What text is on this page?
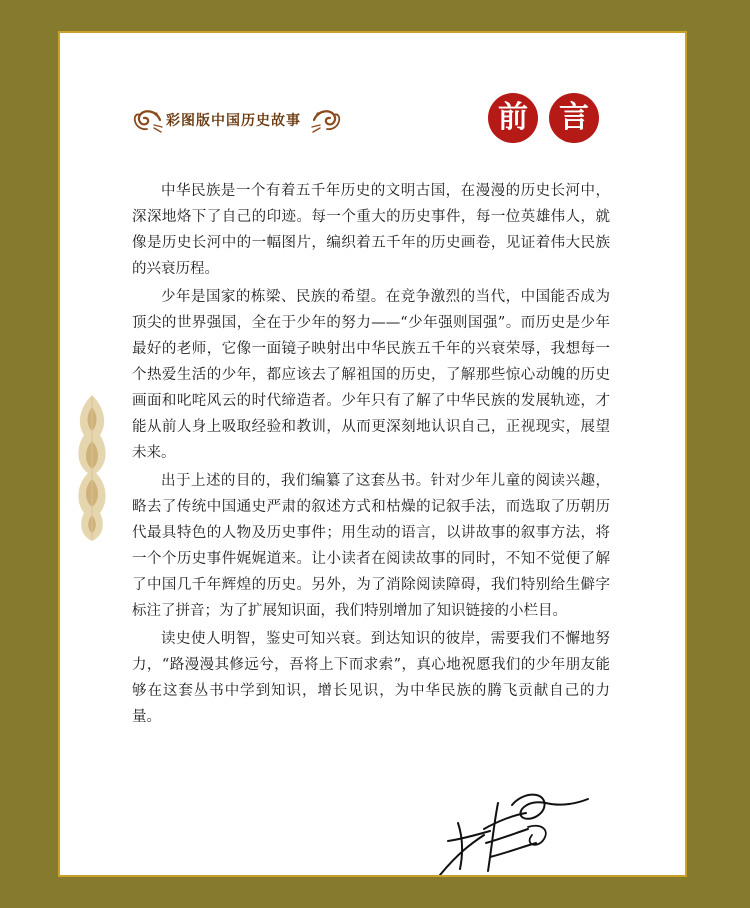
彩图版中国历史故事	前	言

中华民族是一个有着五千年历史的文明古国，在漫漫的历史长河中，深深地烙下了自己的印迹。每一个重大的历史事件，每一位英雄伟人，就像是历史长河中的一幅图片，编织着五千年的历史画卷，见证着伟大民族的兴衰历程。

少年是国家的栋梁、民族的希望。在竞争激烈的当代，中国能否成为顶尖的世界强国，全在于少年的努力——“少年强则国强”。而历史是少年最好的老师，它像一面镜子映射出中华民族五千年的兴衰荣辱，我想每一个热爱生活的少年，都应该去了解祖国的历史，了解那些惊心动魄的历史画面和叱咤风云的时代缔造者。少年只有了解了中华民族的发展轨迹，才能从前人身上吸取经验和教训，从而更深刻地认识自己，正视现实，展望未来。

出于上述的目的，我们编纂了这套丛书。针对少年儿童的阅读兴趣，略去了传统中国通史严肃的叙述方式和枯燥的记叙手法，而选取了历朝历代最具特色的人物及历史事件；用生动的语言，以讲故事的叙事方法，将一个个历史事件娓娓道来。让小读者在阅读故事的同时，不知不觉便了解了中国几千年辉煌的历史。另外，为了消除阅读障碍，我们特别给生僻字标注了拼音；为了扩展知识面，我们特别增加了知识链接的小栏目。

读史使人明智，鉴史可知兴衰。到达知识的彼岸，需要我们不懈地努力，“路漫漫其修远兮，吾将上下而求索”，真心地祝愿我们的少年朋友能够在这套丛书中学到知识，增长见识，为中华民族的腾飞贡献自己的力量。
